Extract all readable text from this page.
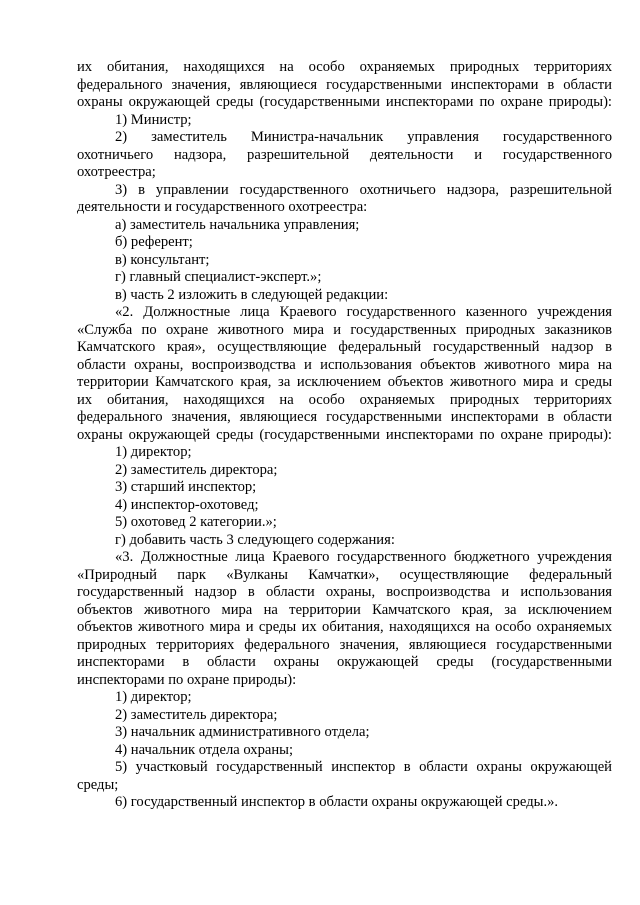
их обитания, находящихся на особо охраняемых природных территориях
федерального значения, являющиеся государственными инспекторами в области
охраны окружающей среды (государственными инспекторами по охране природы):
1) Министр;
2) заместитель Министра-начальник управления государственного
охотничьего надзора, разрешительной деятельности и государственного
охотреестра;
3) в управлении государственного охотничьего надзора, разрешительной
деятельности и государственного охотреестра:
а) заместитель начальника управления;
б) референт;
в) консультант;
г) главный специалист-эксперт.»;
в) часть 2 изложить в следующей редакции:
«2. Должностные лица Краевого государственного казенного учреждения
«Служба по охране животного мира и государственных природных заказников
Камчатского края», осуществляющие федеральный государственный надзор в
области охраны, воспроизводства и использования объектов животного мира на
территории Камчатского края, за исключением объектов животного мира и среды
их обитания, находящихся на особо охраняемых природных территориях
федерального значения, являющиеся государственными инспекторами в области
охраны окружающей среды (государственными инспекторами по охране природы):
1) директор;
2) заместитель директора;
3) старший инспектор;
4) инспектор-охотовед;
5) охотовед 2 категории.»;
г) добавить часть 3 следующего содержания:
«3. Должностные лица Краевого государственного бюджетного учреждения
«Природный парк «Вулканы Камчатки», осуществляющие федеральный
государственный надзор в области охраны, воспроизводства и использования
объектов животного мира на территории Камчатского края, за исключением
объектов животного мира и среды их обитания, находящихся на особо охраняемых
природных территориях федерального значения, являющиеся государственными
инспекторами в области охраны окружающей среды (государственными
инспекторами по охране природы):
1) директор;
2) заместитель директора;
3) начальник административного отдела;
4) начальник отдела охраны;
5) участковый государственный инспектор в области охраны окружающей
среды;
6) государственный инспектор в области охраны окружающей среды.».
